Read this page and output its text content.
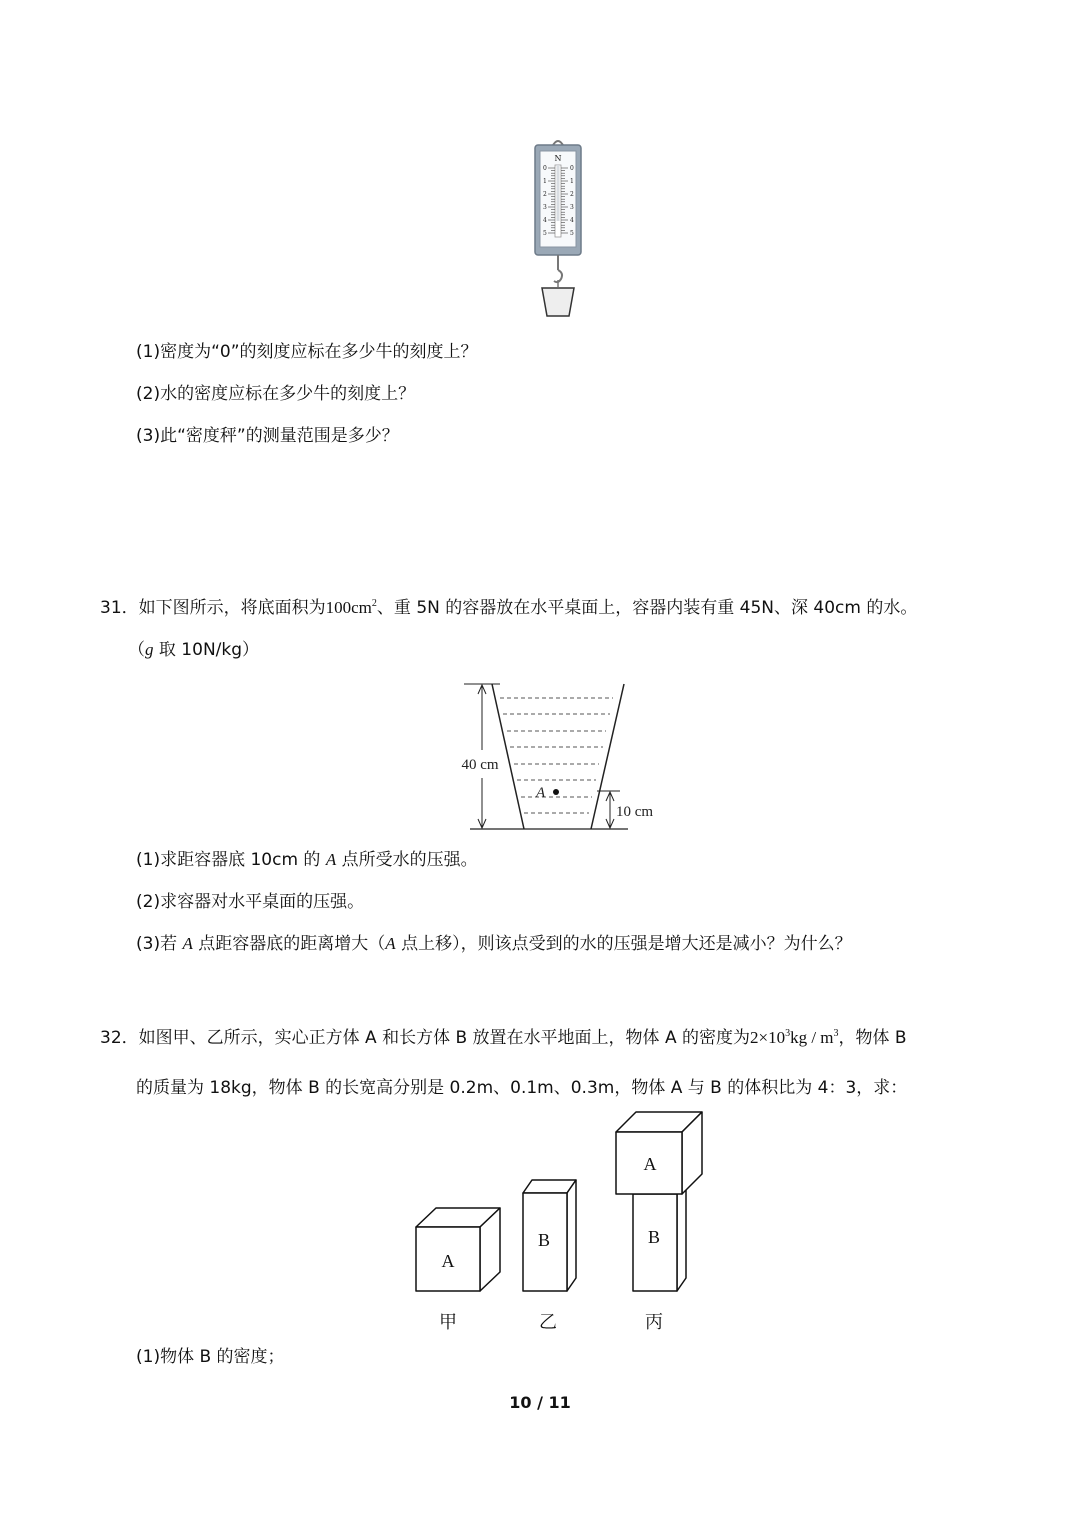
N
0	0
1	1
2	2
3	3
4	4
5	5
(1)密度为“0”的刻度应标在多少牛的刻度上？
(2)水的密度应标在多少牛的刻度上？
(3)此“密度秤”的测量范围是多少？
31．如下图所示，将底面积为$100cm^2$、重 5N 的容器放在水平桌面上，容器内装有重 45N、深 40cm 的水。
（g 取 10N/kg）
40 cm
A
10 cm
(1)求距容器底 10cm 的 A 点所受水的压强。
(2)求容器对水平桌面的压强。
(3)若 A 点距容器底的距离增大（A 点上移），则该点受到的水的压强是增大还是减小？为什么？
32．如图甲、乙所示，实心正方体 A 和长方体 B 放置在水平地面上，物体 A 的密度为$2\times 10^3kg / m^3$，物体 B
的质量为 18kg，物体 B 的长宽高分别是 0.2m、0.1m、0.3m，物体 A 与 B 的体积比为 4：3，求：
A
B	B
A
甲	乙	丙
(1)物体 B 的密度；
10 / 11
